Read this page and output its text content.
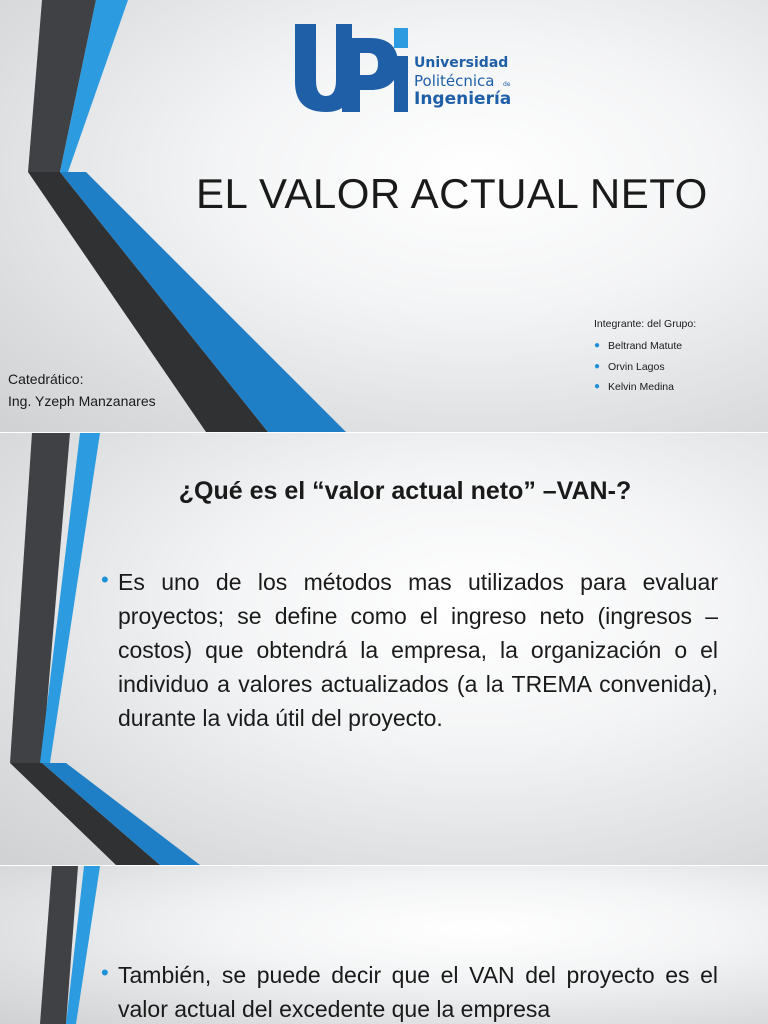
Universidad
Politécnica de
Ingeniería
EL VALOR ACTUAL NETO
Integrante: del Grupo:
● Beltrand Matute
● Orvin Lagos
● Kelvin Medina
Catedrático:
Ing. Yzeph Manzanares
¿Qué es el “valor actual neto” –VAN-?
• Es uno de los métodos mas utilizados para evaluar proyectos; se define como el ingreso neto (ingresos – costos) que obtendrá la empresa, la organización o el individuo a valores actualizados (a la TREMA convenida), durante la vida útil del proyecto.
• También, se puede decir que el VAN del proyecto es el valor actual del excedente que la empresa
